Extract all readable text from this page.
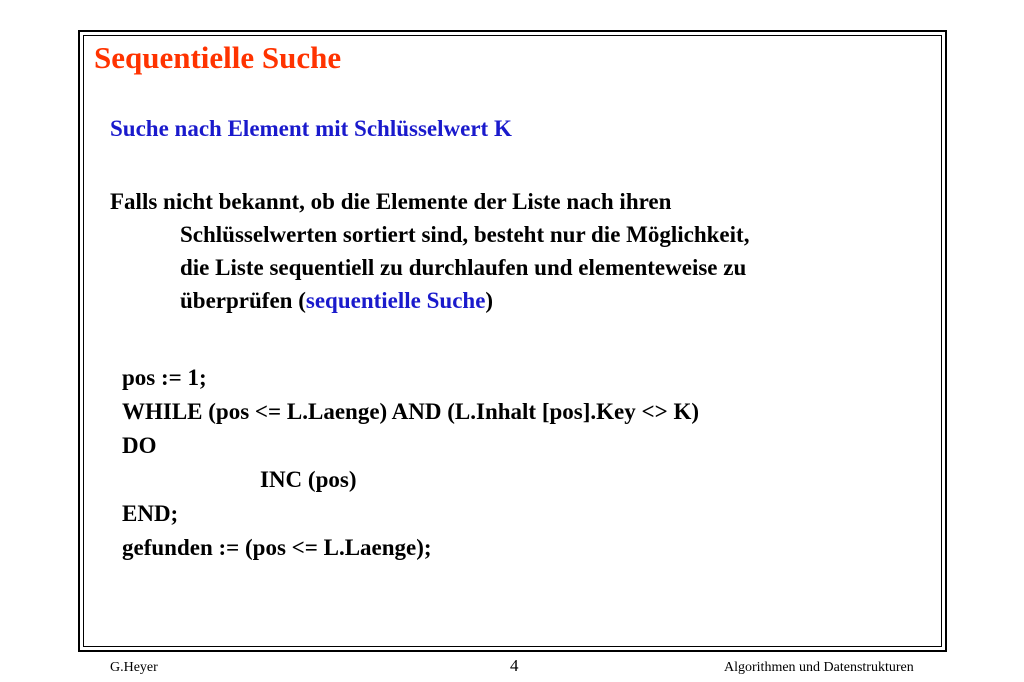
Sequentielle Suche
Suche nach Element mit Schlüsselwert K
Falls nicht bekannt, ob die Elemente der Liste nach ihren
Schlüsselwerten sortiert sind, besteht nur die Möglichkeit,
die Liste sequentiell zu durchlaufen und elementeweise zu
überprüfen (sequentielle Suche)
pos := 1;
WHILE (pos <= L.Laenge) AND (L.Inhalt [pos].Key <> K)
DO
INC (pos)
END;
gefunden := (pos <= L.Laenge);
G.Heyer	4	Algorithmen und Datenstrukturen
